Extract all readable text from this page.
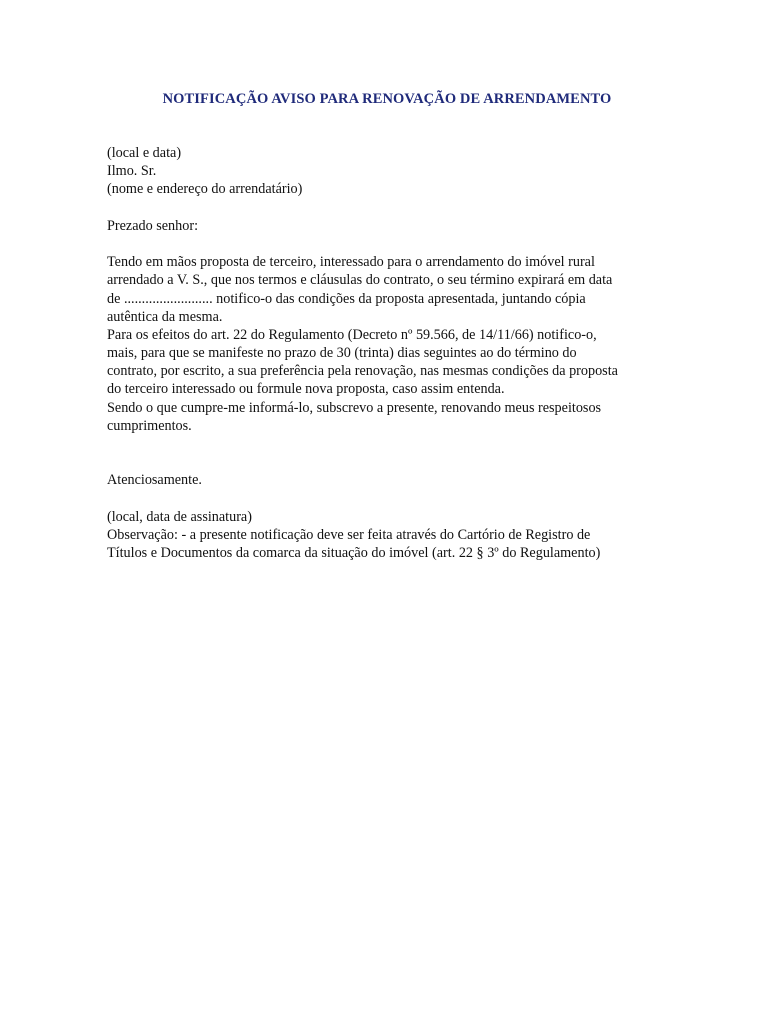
NOTIFICAÇÃO AVISO PARA RENOVAÇÃO DE ARRENDAMENTO
(local e data)
Ilmo. Sr.
(nome e endereço do arrendatário)
Prezado senhor:
Tendo em mãos proposta de terceiro, interessado para o arrendamento do imóvel rural
arrendado a V. S., que nos termos e cláusulas do contrato, o seu término expirará em data
de ......................... notifico-o das condições da proposta apresentada, juntando cópia
autêntica da mesma.
Para os efeitos do art. 22 do Regulamento (Decreto nº 59.566, de 14/11/66) notifico-o,
mais, para que se manifeste no prazo de 30 (trinta) dias seguintes ao do término do
contrato, por escrito, a sua preferência pela renovação, nas mesmas condições da proposta
do terceiro interessado ou formule nova proposta, caso assim entenda.
Sendo o que cumpre-me informá-lo, subscrevo a presente, renovando meus respeitosos
cumprimentos.
Atenciosamente.
(local, data de assinatura)
Observação: - a presente notificação deve ser feita através do Cartório de Registro de
Títulos e Documentos da comarca da situação do imóvel (art. 22 § 3º do Regulamento)
